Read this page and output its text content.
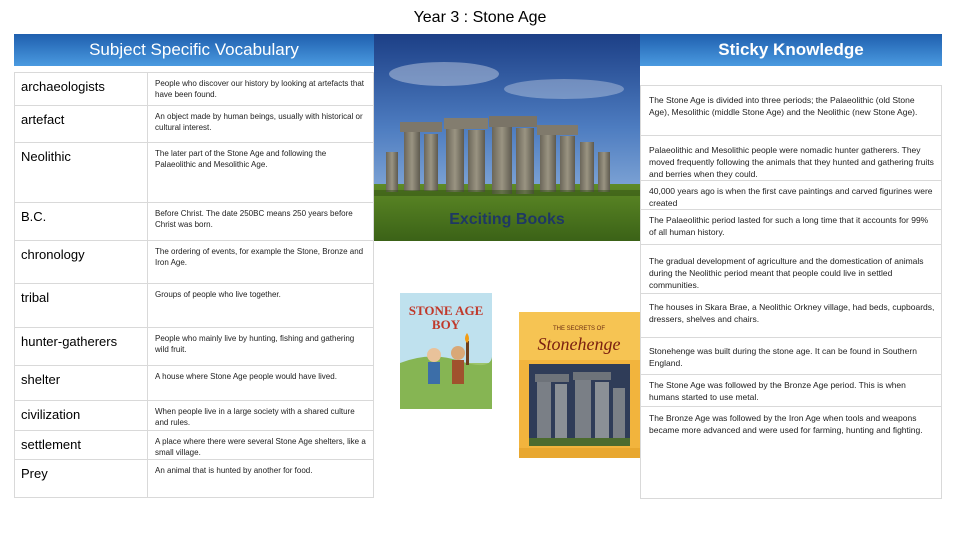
Year 3 : Stone Age
Subject Specific Vocabulary	Sticky Knowledge
archaeologists	People who discover our history by looking at artefacts that have been found.
artefact	An object made by human beings, usually with historical or cultural interest.
Neolithic	The later part of the Stone Age and following the Palaeolithic and Mesolithic Age.
B.C.	Before Christ. The date 250BC means 250 years before Christ was born.
chronology	The ordering of events, for example the Stone, Bronze and Iron Age.
tribal	Groups of people who live together.
hunter-gatherers	People who mainly live by hunting, fishing and gathering wild fruit.
shelter	A house where Stone Age people would have lived.
civilization	When people live in a large society with a shared culture and rules.
settlement	A place where there were several Stone Age shelters, like a small village.
Prey	An animal that is hunted by another for food.
Exciting Books
STONE AGE
BOY	THE SECRETS OF
Stonehenge
The Stone Age is divided into three periods; the Palaeolithic (old Stone Age), Mesolithic (middle Stone Age) and the Neolithic (new Stone Age).
Palaeolithic and Mesolithic people were nomadic hunter gatherers. They moved frequently following the animals that they hunted and gathering fruits and berries when they could.
40,000 years ago is when the first cave paintings and carved figurines were created
The Palaeolithic period lasted for such a long time that it accounts for 99% of all human history.
The gradual development of agriculture and the domestication of animals during the Neolithic period meant that people could live in settled communities.
The houses in Skara Brae, a Neolithic Orkney village, had beds, cupboards, dressers, shelves and chairs.
Stonehenge was built during the stone age. It can be found in Southern England.
The Stone Age was followed by the Bronze Age period. This is when humans started to use metal.
The Bronze Age was followed by the Iron Age when tools and weapons became more advanced and were used for farming, hunting and fighting.
